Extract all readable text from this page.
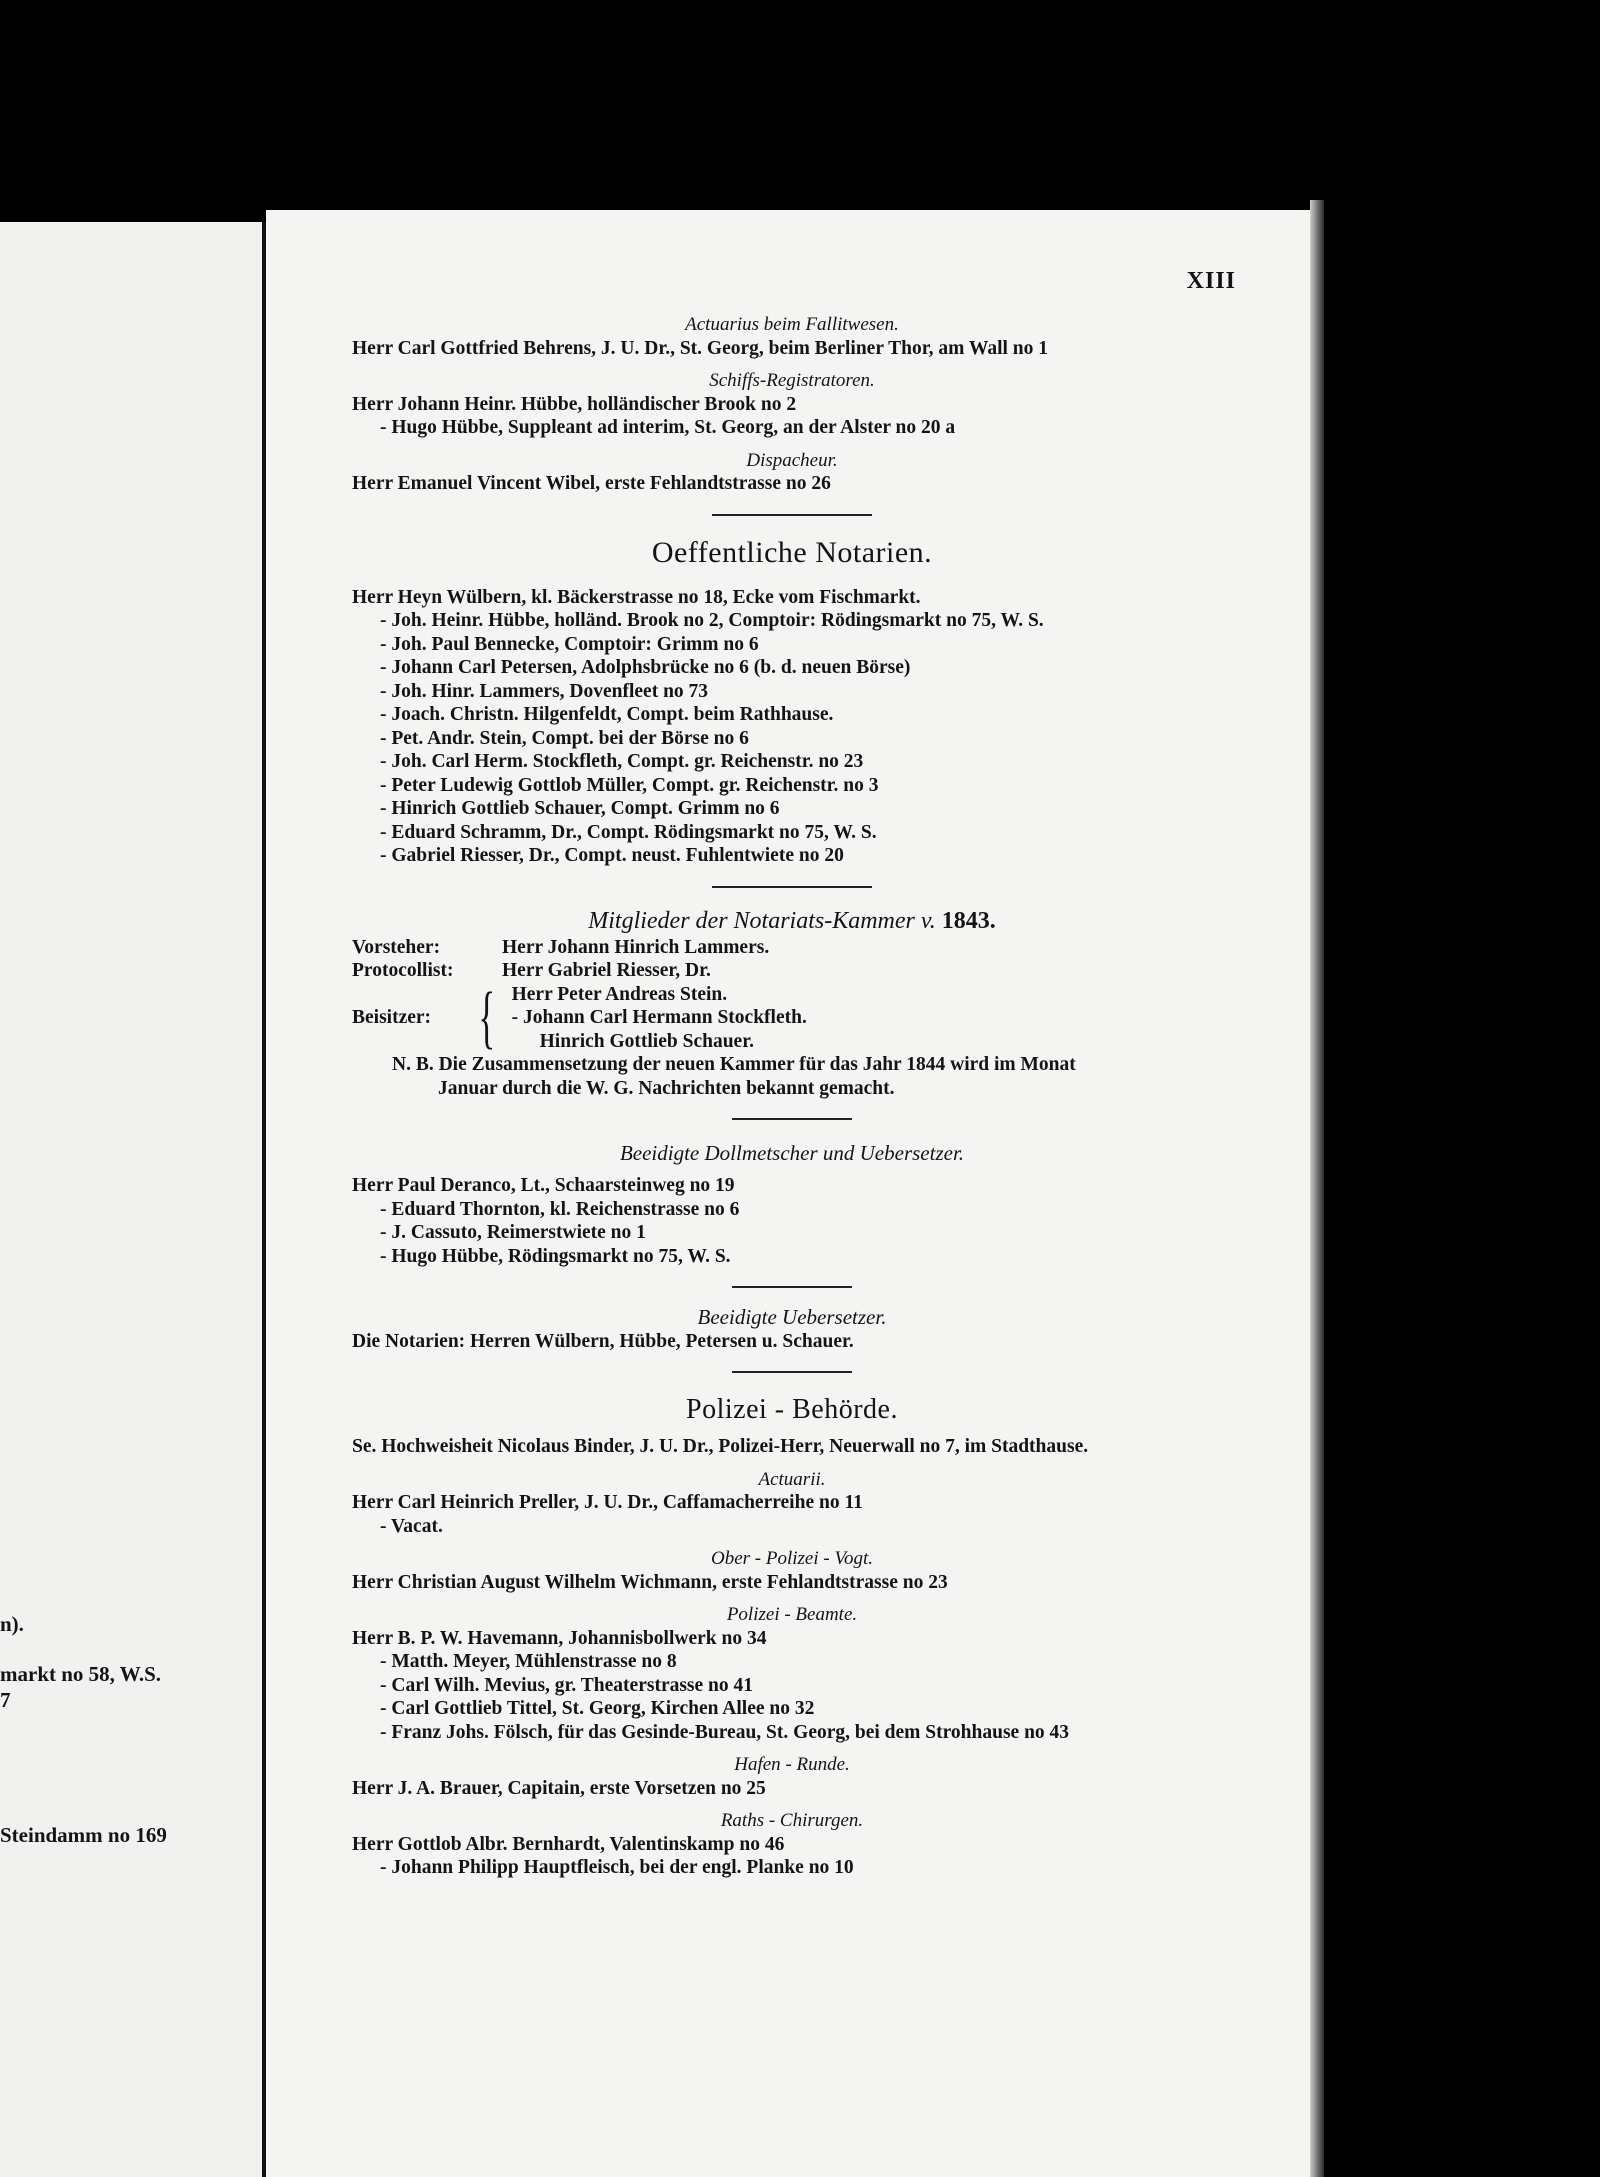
n).
markt no 58, W.S.
7
Steindamm no 169
XIII
Actuarius beim Fallitwesen.
Herr Carl Gottfried Behrens, J. U. Dr., St. Georg, beim Berliner Thor, am Wall no 1
Schiffs-Registratoren.
Herr Johann Heinr. Hübbe, holländischer Brook no 2
- Hugo Hübbe, Suppleant ad interim, St. Georg, an der Alster no 20 a
Dispacheur.
Herr Emanuel Vincent Wibel, erste Fehlandtstrasse no 26
Oeffentliche Notarien.
Herr Heyn Wülbern, kl. Bäckerstrasse no 18, Ecke vom Fischmarkt.
- Joh. Heinr. Hübbe, holländ. Brook no 2, Comptoir: Rödingsmarkt no 75, W. S.
- Joh. Paul Bennecke, Comptoir: Grimm no 6
- Johann Carl Petersen, Adolphsbrücke no 6 (b. d. neuen Börse)
- Joh. Hinr. Lammers, Dovenfleet no 73
- Joach. Christn. Hilgenfeldt, Compt. beim Rathhause.
- Pet. Andr. Stein, Compt. bei der Börse no 6
- Joh. Carl Herm. Stockfleth, Compt. gr. Reichenstr. no 23
- Peter Ludewig Gottlob Müller, Compt. gr. Reichenstr. no 3
- Hinrich Gottlieb Schauer, Compt. Grimm no 6
- Eduard Schramm, Dr., Compt. Rödingsmarkt no 75, W. S.
- Gabriel Riesser, Dr., Compt. neust. Fuhlentwiete no 20
Mitglieder der Notariats-Kammer v. 1843.
Vorsteher:	Herr Johann Hinrich Lammers.
Protocollist:	Herr Gabriel Riesser, Dr.
Beisitzer: { Herr Peter Andreas Stein.
- Johann Carl Hermann Stockfleth.
Hinrich Gottlieb Schauer.
N. B. Die Zusammensetzung der neuen Kammer für das Jahr 1844 wird im Monat
Januar durch die W. G. Nachrichten bekannt gemacht.
Beeidigte Dollmetscher und Uebersetzer.
Herr Paul Deranco, Lt., Schaarsteinweg no 19
- Eduard Thornton, kl. Reichenstrasse no 6
- J. Cassuto, Reimerstwiete no 1
- Hugo Hübbe, Rödingsmarkt no 75, W. S.
Beeidigte Uebersetzer.
Die Notarien: Herren Wülbern, Hübbe, Petersen u. Schauer.
Polizei - Behörde.
Se. Hochweisheit Nicolaus Binder, J. U. Dr., Polizei-Herr, Neuerwall no 7, im Stadthause.
Actuarii.
Herr Carl Heinrich Preller, J. U. Dr., Caffamacherreihe no 11
- Vacat.
Ober - Polizei - Vogt.
Herr Christian August Wilhelm Wichmann, erste Fehlandtstrasse no 23
Polizei - Beamte.
Herr B. P. W. Havemann, Johannisbollwerk no 34
- Matth. Meyer, Mühlenstrasse no 8
- Carl Wilh. Mevius, gr. Theaterstrasse no 41
- Carl Gottlieb Tittel, St. Georg, Kirchen Allee no 32
- Franz Johs. Fölsch, für das Gesinde-Bureau, St. Georg, bei dem Strohhause no 43
Hafen - Runde.
Herr J. A. Brauer, Capitain, erste Vorsetzen no 25
Raths - Chirurgen.
Herr Gottlob Albr. Bernhardt, Valentinskamp no 46
- Johann Philipp Hauptfleisch, bei der engl. Planke no 10
